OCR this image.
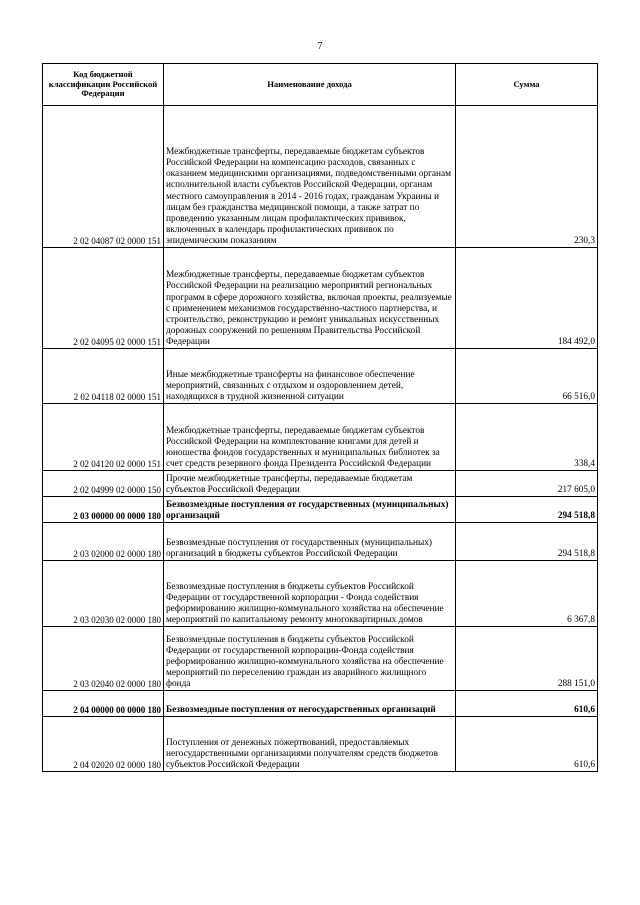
7
Код бюджетной классификации Российской Федерации	Наименование дохода	Сумма
2 02 04087 02 0000 151	Межбюджетные трансферты, передаваемые бюджетам субъектов Российской Федерации на компенсацию расходов, связанных с оказанием медицинскими организациями, подведомственными органам исполнительной власти субъектов Российской Федерации, органам местного самоуправления в 2014 - 2016 годах, гражданам Украины и лицам без гражданства медицинской помощи, а также затрат по проведению указанным лицам профилактических прививок, включенных в календарь профилактических прививок по эпидемическим показаниям	230,3
2 02 04095 02 0000 151	Межбюджетные трансферты, передаваемые бюджетам субъектов Российской Федерации на реализацию мероприятий региональных программ в сфере дорожного хозяйства, включая проекты, реализуемые с применением механизмов государственно-частного партнерства, и строительство, реконструкцию и ремонт уникальных искусственных дорожных сооружений по решениям Правительства Российской Федерации	184 492,0
2 02 04118 02 0000 151	Иные межбюджетные трансферты на финансовое обеспечение мероприятий, связанных с отдыхом и оздоровлением детей, находящихся в трудной жизненной ситуации	66 516,0
2 02 04120 02 0000 151	Межбюджетные трансферты, передаваемые бюджетам субъектов Российской Федерации на комплектование книгами для детей и юношества фондов государственных и муниципальных библиотек за счет средств резервного фонда Президента Российской Федерации	338,4
2 02 04999 02 0000 150	Прочие межбюджетные трансферты, передаваемые бюджетам субъектов Российской Федерации	217 605,0
2 03 00000 00 0000 180	Безвозмездные поступления от государственных (муниципальных) организаций	294 518,8
2 03 02000 02 0000 180	Безвозмездные поступления от государственных (муниципальных) организаций в бюджеты субъектов Российской Федерации	294 518,8
2 03 02030 02 0000 180	Безвозмездные поступления в бюджеты субъектов Российской Федерации от государственной корпорации - Фонда содействия реформированию жилищно-коммунального хозяйства на обеспечение мероприятий по капитальному ремонту многоквартирных домов	6 367,8
2 03 02040 02 0000 180	Безвозмездные поступления в бюджеты субъектов Российской Федерации от государственной корпорации-Фонда содействия реформированию жилищно-коммунального хозяйства на обеспечение мероприятий по переселению граждан из аварийного жилищного фонда	288 151,0
2 04 00000 00 0000 180	Безвозмездные поступления от негосударственных организаций	610,6
2 04 02020 02 0000 180	Поступления от денежных пожертвований, предоставляемых негосударственными организациями получателям средств бюджетов субъектов Российской Федерации	610,6
